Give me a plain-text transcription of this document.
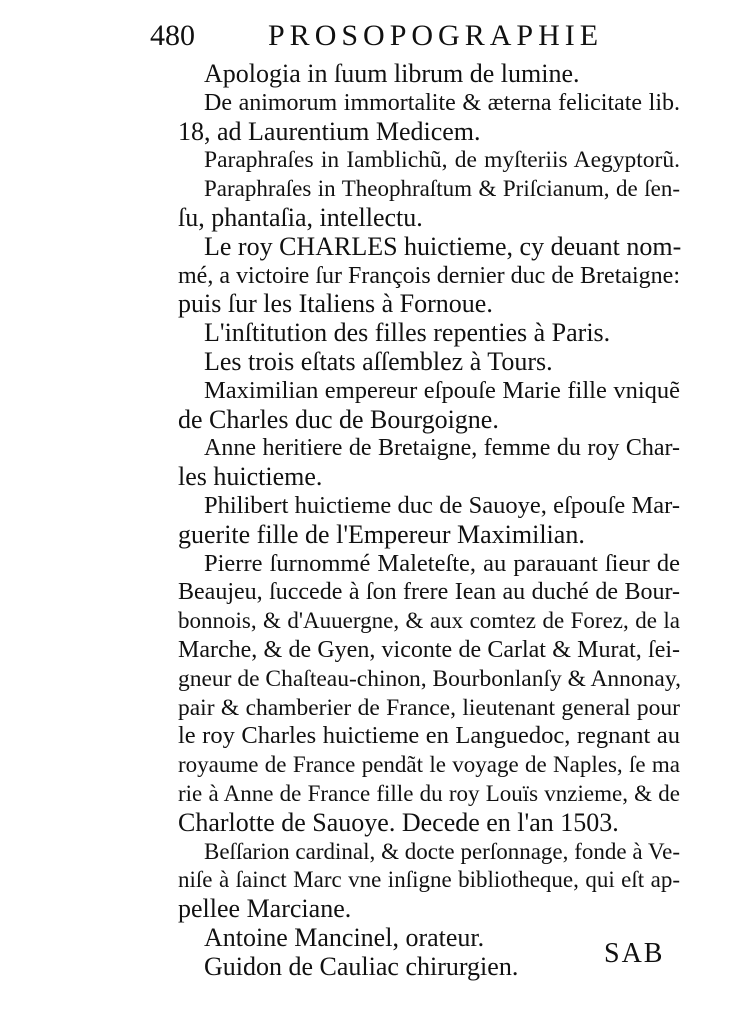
480 PROSOPOGRAPHIE
Apologia in ſuum librum de lumine.
De animorum immortalite & æterna felicitate lib.
18, ad Laurentium Medicem.
Paraphraſes in Iamblichũ, de myſteriis Aegyptorũ.
Paraphraſes in Theophraſtum & Priſcianum, de ſen-
ſu, phantaſia, intellectu.
Le roy CHARLES huictieme, cy deuant nom-
mé, a victoire ſur François dernier duc de Bretaigne:
puis ſur les Italiens à Fornoue.
L'inſtitution des filles repenties à Paris.
Les trois eſtats aſſemblez à Tours.
Maximilian empereur eſpouſe Marie fille vniquẽ
de Charles duc de Bourgoigne.
Anne heritiere de Bretaigne, femme du roy Char-
les huictieme.
Philibert huictieme duc de Sauoye, eſpouſe Mar-
guerite fille de l'Empereur Maximilian.
Pierre ſurnommé Maleteſte, au parauant ſieur de
Beaujeu, ſuccede à ſon frere Iean au duché de Bour-
bonnois, & d'Auuergne, & aux comtez de Forez, de la
Marche, & de Gyen, viconte de Carlat & Murat, ſei-
gneur de Chaſteau-chinon, Bourbonlanſy & Annonay,
pair & chamberier de France, lieutenant general pour
le roy Charles huictieme en Languedoc, regnant au
royaume de France pendãt le voyage de Naples, ſe ma
rie à Anne de France fille du roy Louïs vnzieme, & de
Charlotte de Sauoye. Decede en l'an 1503.
Beſſarion cardinal, & docte perſonnage, fonde à Ve-
niſe à ſainct Marc vne inſigne bibliotheque, qui eſt ap-
pellee Marciane.
Antoine Mancinel, orateur.
Guidon de Cauliac chirurgien.	SAB
